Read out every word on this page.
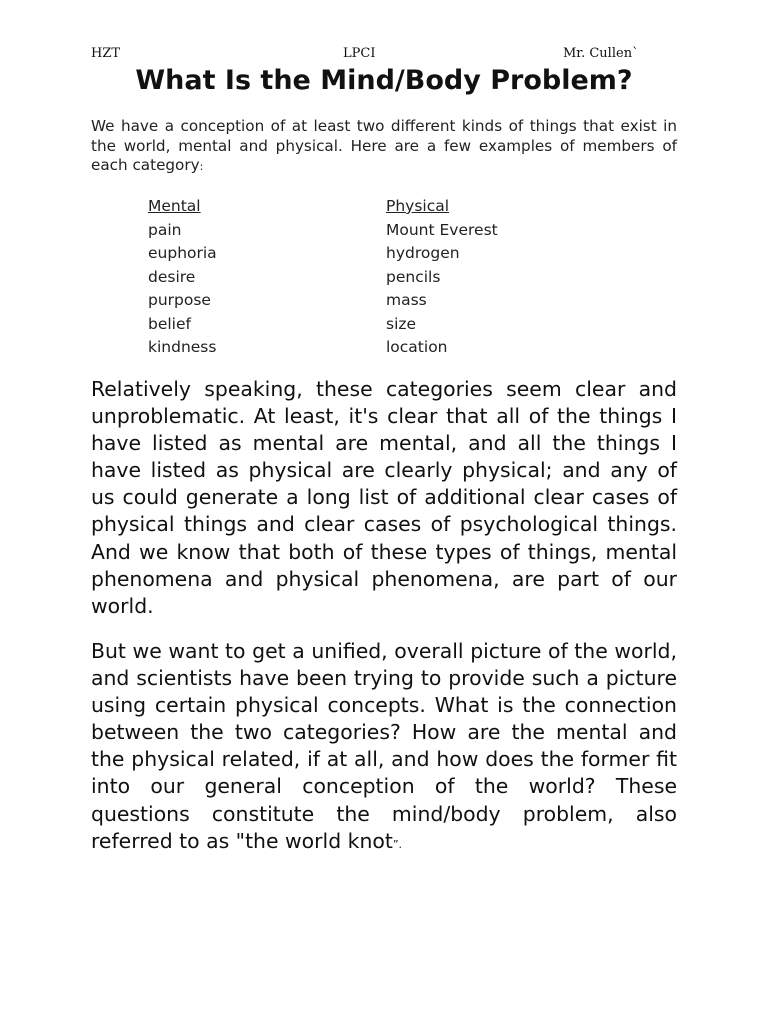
HZT	LPCI	Mr. Cullen`
What Is the Mind/Body Problem?
We have a conception of at least two different kinds of things that exist in the world, mental and physical. Here are a few examples of members of each category:
Mental
pain
euphoria
desire
purpose
belief
kindness
Physical
Mount Everest
hydrogen
pencils
mass
size
location
Relatively speaking, these categories seem clear and unproblematic. At least, it's clear that all of the things I have listed as mental are mental, and all the things I have listed as physical are clearly physical; and any of us could generate a long list of additional clear cases of physical things and clear cases of psychological things. And we know that both of these types of things, mental phenomena and physical phenomena, are part of our world.
But we want to get a unified, overall picture of the world, and scientists have been trying to provide such a picture using certain physical concepts. What is the connection between the two categories? How are the mental and the physical related, if at all, and how does the former fit into our general conception of the world? These questions constitute the mind/body problem, also referred to as "the world knot”.
